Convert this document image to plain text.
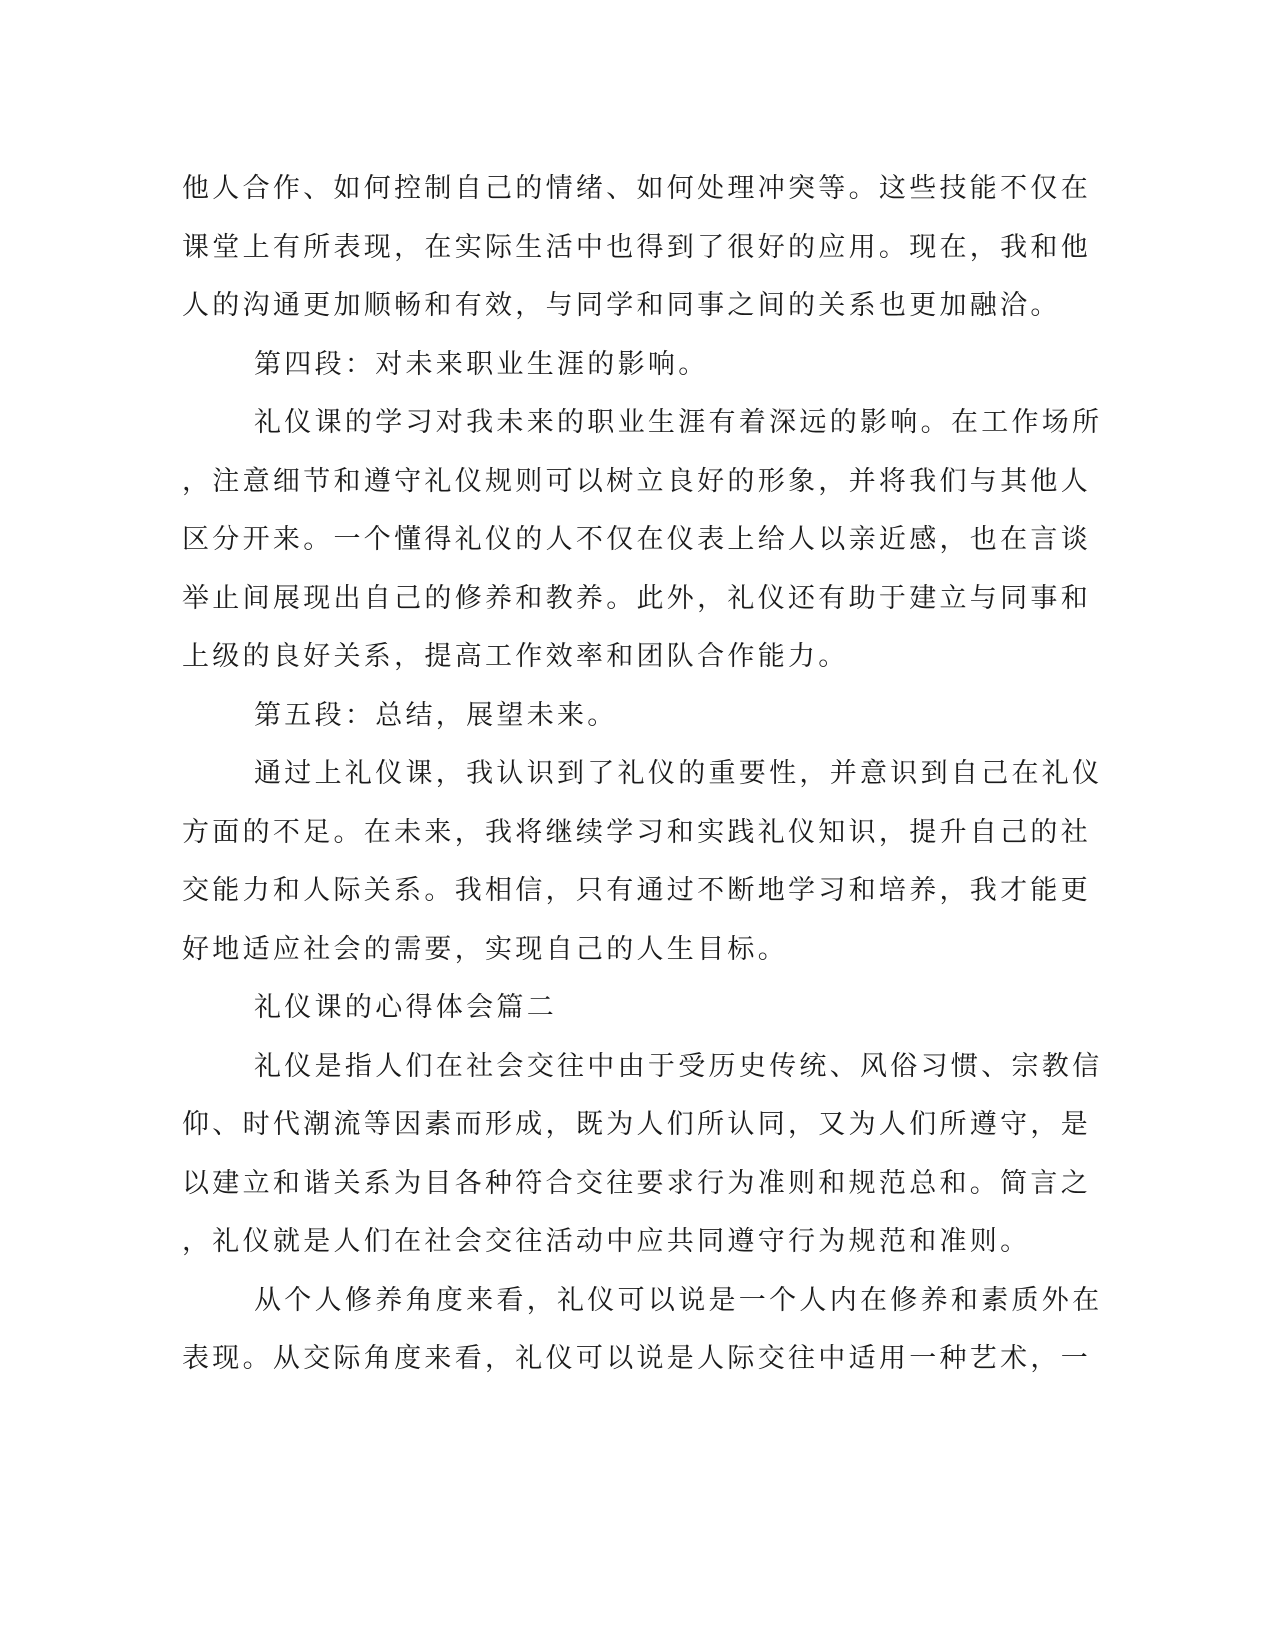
他人合作、如何控制自己的情绪、如何处理冲突等。这些技能不仅在
课堂上有所表现，在实际生活中也得到了很好的应用。现在，我和他
人的沟通更加顺畅和有效，与同学和同事之间的关系也更加融洽。
第四段：对未来职业生涯的影响。
礼仪课的学习对我未来的职业生涯有着深远的影响。在工作场所
，注意细节和遵守礼仪规则可以树立良好的形象，并将我们与其他人
区分开来。一个懂得礼仪的人不仅在仪表上给人以亲近感，也在言谈
举止间展现出自己的修养和教养。此外，礼仪还有助于建立与同事和
上级的良好关系，提高工作效率和团队合作能力。
第五段：总结，展望未来。
通过上礼仪课，我认识到了礼仪的重要性，并意识到自己在礼仪
方面的不足。在未来，我将继续学习和实践礼仪知识，提升自己的社
交能力和人际关系。我相信，只有通过不断地学习和培养，我才能更
好地适应社会的需要，实现自己的人生目标。
礼仪课的心得体会篇二
礼仪是指人们在社会交往中由于受历史传统、风俗习惯、宗教信
仰、时代潮流等因素而形成，既为人们所认同，又为人们所遵守，是
以建立和谐关系为目各种符合交往要求行为准则和规范总和。简言之
，礼仪就是人们在社会交往活动中应共同遵守行为规范和准则。
从个人修养角度来看，礼仪可以说是一个人内在修养和素质外在
表现。从交际角度来看，礼仪可以说是人际交往中适用一种艺术，一
